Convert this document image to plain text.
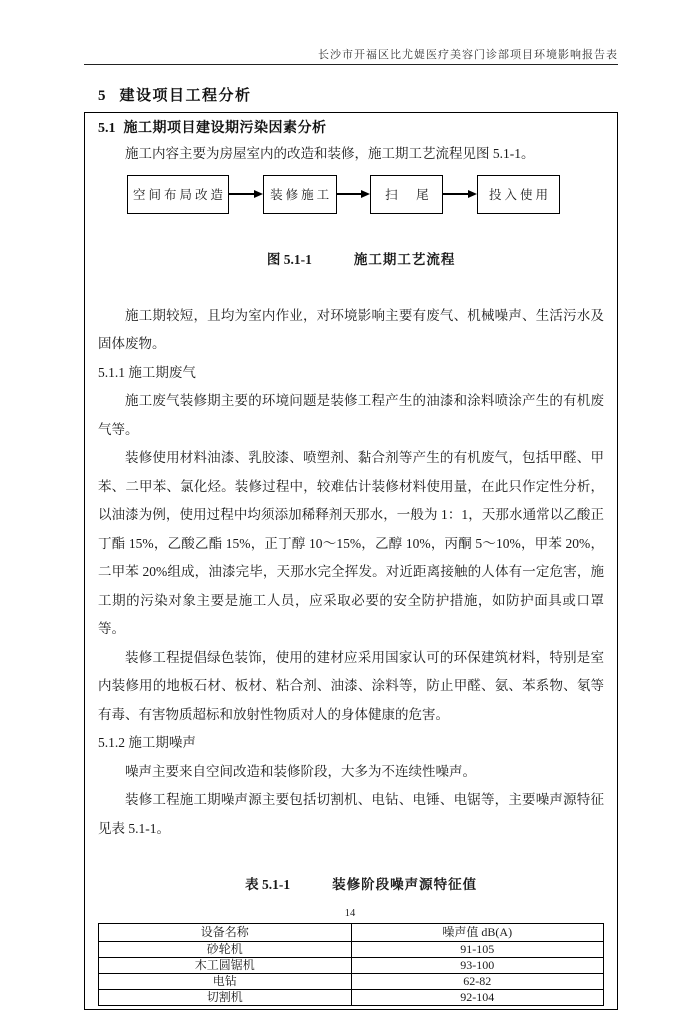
长沙市开福区比尤媞医疗美容门诊部项目环境影响报告表
5 建设项目工程分析
5.1 施工期项目建设期污染因素分析

施工内容主要为房屋室内的改造和装修，施工期工艺流程见图 5.1-1。

空间布局改造	装修施工	扫　尾	投入使用

图 5.1-1	施工期工艺流程

施工期较短，且均为室内作业，对环境影响主要有废气、机械噪声、生活污水及固体废物。

5.1.1 施工期废气

施工废气装修期主要的环境问题是装修工程产生的油漆和涂料喷涂产生的有机废气等。

装修使用材料油漆、乳胶漆、喷塑剂、黏合剂等产生的有机废气，包括甲醛、甲苯、二甲苯、氯化烃。装修过程中，较难估计装修材料使用量，在此只作定性分析，以油漆为例，使用过程中均须添加稀释剂天那水，一般为 1：1，天那水通常以乙酸正丁酯 15%，乙酸乙酯 15%，正丁醇 10～15%，乙醇 10%，丙酮 5～10%，甲苯 20%，二甲苯 20%组成，油漆完毕，天那水完全挥发。对近距离接触的人体有一定危害，施工期的污染对象主要是施工人员，应采取必要的安全防护措施，如防护面具或口罩等。

装修工程提倡绿色装饰，使用的建材应采用国家认可的环保建筑材料，特别是室内装修用的地板石材、板材、粘合剂、油漆、涂料等，防止甲醛、氨、苯系物、氡等有毒、有害物质超标和放射性物质对人的身体健康的危害。

5.1.2 施工期噪声

噪声主要来自空间改造和装修阶段，大多为不连续性噪声。

装修工程施工期噪声源主要包括切割机、电钻、电锤、电锯等，主要噪声源特征见表 5.1-1。

表 5.1-1	装修阶段噪声源特征值

设备名称	噪声值 dB(A)
砂轮机	91-105
木工圆锯机	93-100
电钻	62-82
切割机	92-104
14
